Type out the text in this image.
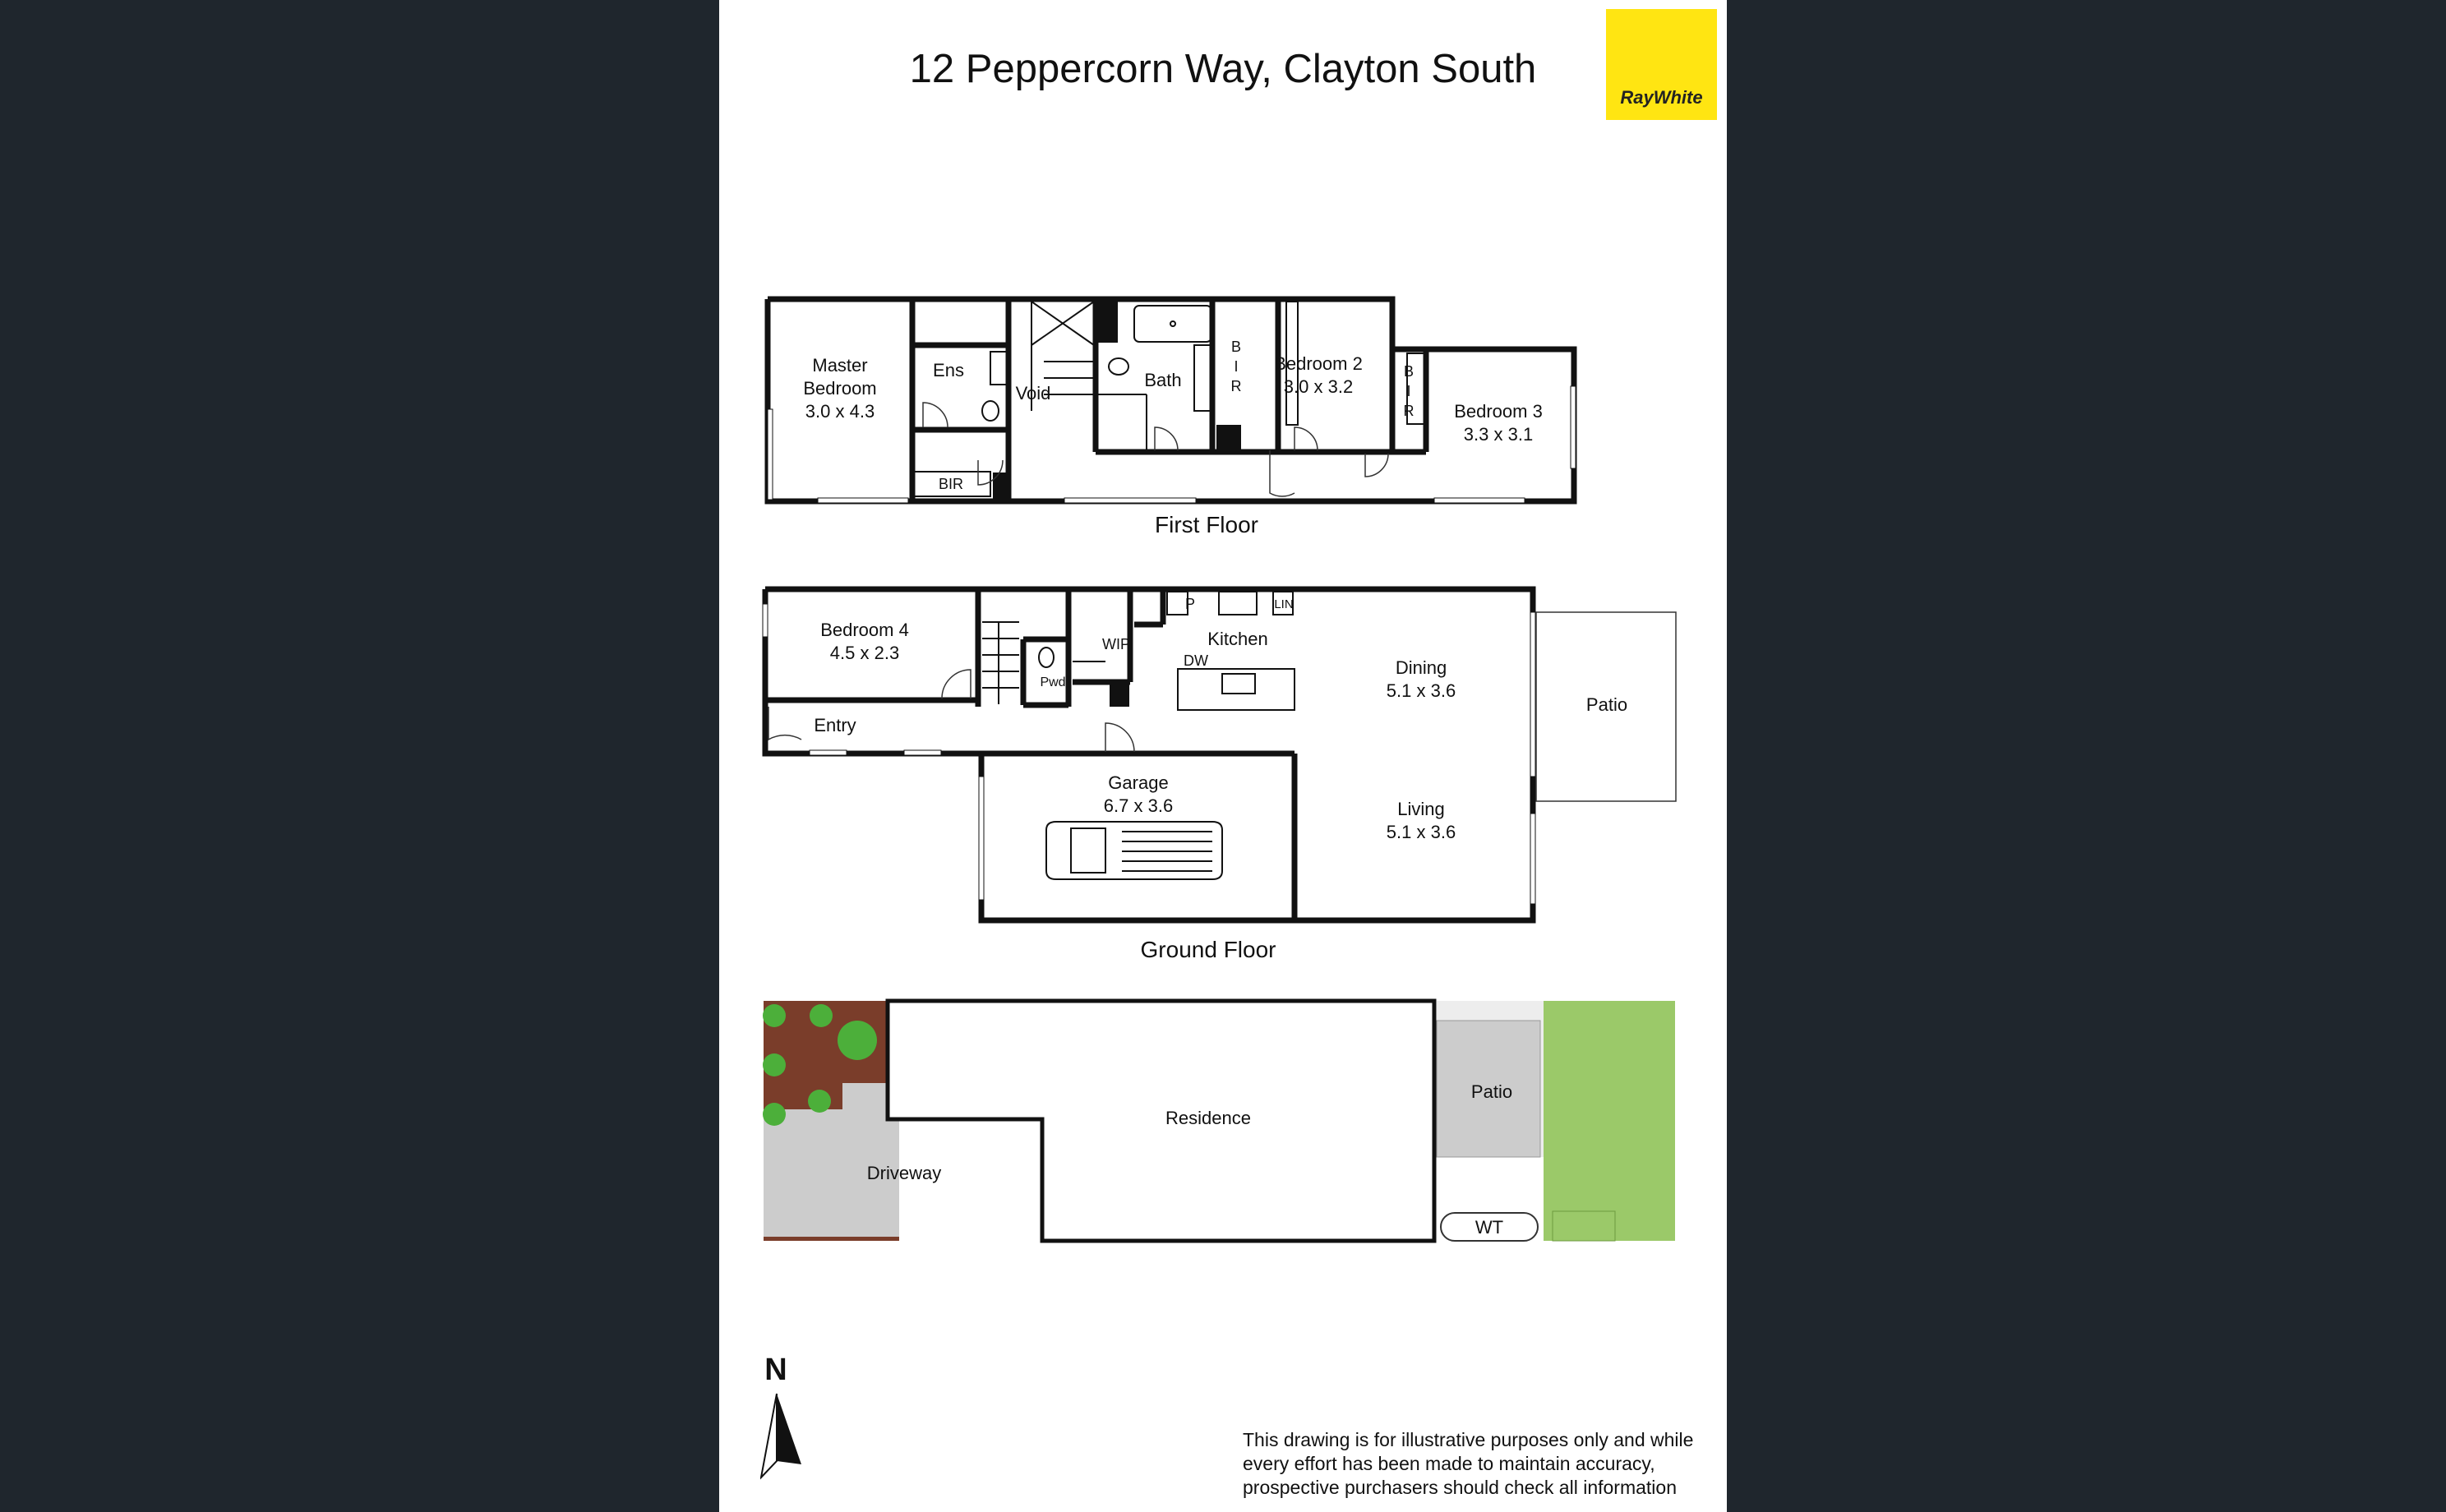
12 Peppercorn Way, Clayton South
RayWhite
Master
Bedroom
3.0 x 4.3
Ens
Void
Bath
B
I
R
Bedroom 2
3.0 x 3.2
B
I
R Bedroom 3
3.3 x 3.1
BIR
First Floor
Bedroom 4
4.5 x 2.3
Entry
WIP
Pwd
P	LIN
Kitchen
DW	Dining
5.1 x 3.6
Living
5.1 x 3.6
Garage
6.7 x 3.6
Patio
Ground Floor
Residence
Driveway
Patio
WT
N
This drawing is for illustrative purposes only and while
every effort has been made to maintain accuracy,
prospective purchasers should check all information
